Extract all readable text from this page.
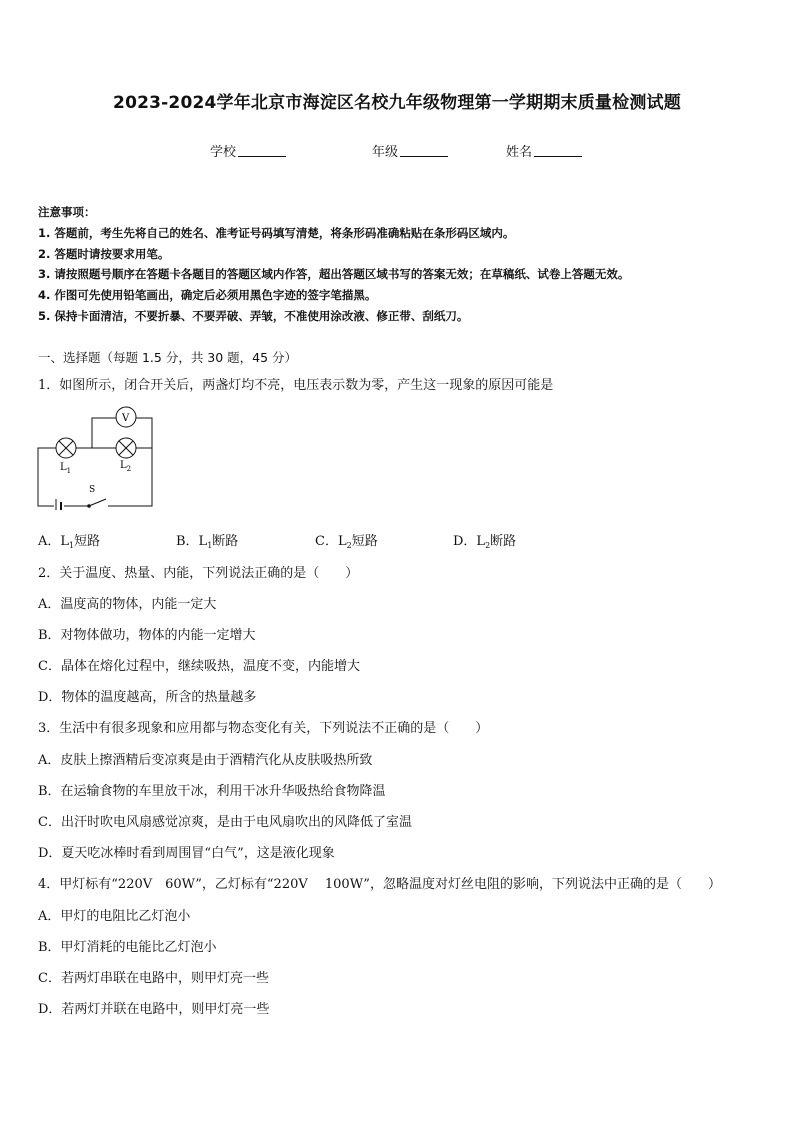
2023-2024学年北京市海淀区名校九年级物理第一学期期末质量检测试题
学校	年级	姓名
注意事项：
1. 答题前，考生先将自己的姓名、准考证号码填写清楚，将条形码准确粘贴在条形码区域内。
2. 答题时请按要求用笔。
3. 请按照题号顺序在答题卡各题目的答题区域内作答，超出答题区域书写的答案无效；在草稿纸、试卷上答题无效。
4. 作图可先使用铅笔画出，确定后必须用黑色字迹的签字笔描黑。
5. 保持卡面清洁，不要折暴、不要弄破、弄皱，不准使用涂改液、修正带、刮纸刀。
一、选择题（每题 1.5 分，共 30 题，45 分）
1．如图所示，闭合开关后，两盏灯均不亮，电压表示数为零，产生这一现象的原因可能是
V
$L_1$	$L_2$
S
A．$L_1$短路	B．$L_1$断路	C．$L_2$短路	D．$L_2$断路
2．关于温度、热量、内能，下列说法正确的是（　　）
A．温度高的物体，内能一定大
B．对物体做功，物体的内能一定增大
C．晶体在熔化过程中，继续吸热，温度不变，内能增大
D．物体的温度越高，所含的热量越多
3．生活中有很多现象和应用都与物态变化有关，下列说法不正确的是（　　）
A．皮肤上擦酒精后变凉爽是由于酒精汽化从皮肤吸热所致
B．在运输食物的车里放干冰，利用干冰升华吸热给食物降温
C．出汗时吹电风扇感觉凉爽，是由于电风扇吹出的风降低了室温
D．夏天吃冰棒时看到周围冒“白气”，这是液化现象
4．甲灯标有“220V　60W”，乙灯标有“220V　 100W”，忽略温度对灯丝电阻的影响，下列说法中正确的是（　　）
A．甲灯的电阻比乙灯泡小
B．甲灯消耗的电能比乙灯泡小
C．若两灯串联在电路中，则甲灯亮一些
D．若两灯并联在电路中，则甲灯亮一些
